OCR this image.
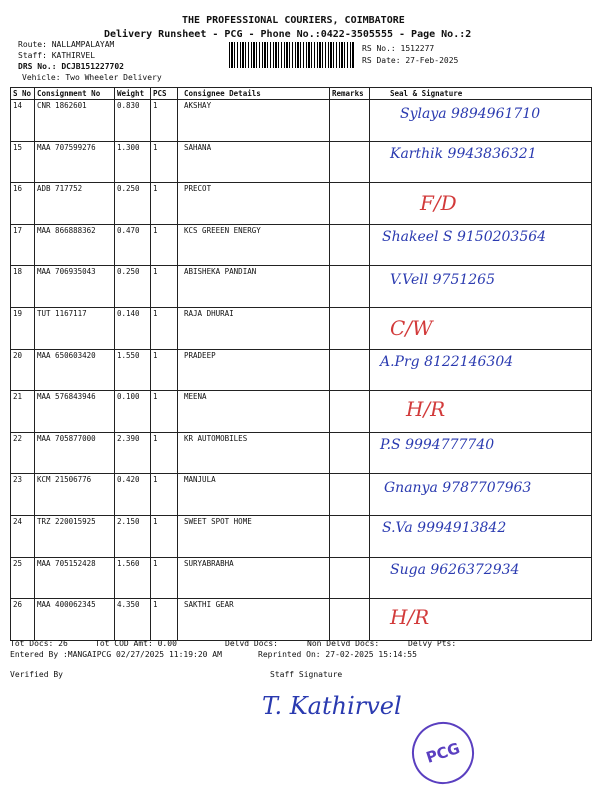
THE PROFESSIONAL COURIERS, COIMBATORE
Delivery Runsheet - PCG - Phone No.:0422-3505555 - Page No.:2
Route: NALLAMPALAYAM
Staff: KATHIRVEL
DRS No.: DCJB151227702
Vehicle: Two Wheeler Delivery
RS No.: 1512277
RS Date: 27-Feb-2025
S No	Consignment No	Weight	PCS	Consignee Details	Remarks	Seal & Signature
14	CNR 1862601	0.830	1	AKSHAY		Sylaya 9894961710

15	MAA 707599276	1.300	1	SAHANA		Karthik 9943836321

16	ADB 717752	0.250	1	PRECOT		F/D

17	MAA 866888362	0.470	1	KCS GREEEN ENERGY		Shakeel S 9150203564

18	MAA 706935043	0.250	1	ABISHEKA PANDIAN		V.Vell 9751265

19	TUT 1167117	0.140	1	RAJA DHURAI		C/W

20	MAA 650603420	1.550	1	PRADEEP		A.Prg 8122146304

21	MAA 576843946	0.100	1	MEENA		H/R

22	MAA 705877000	2.390	1	KR AUTOMOBILES		P.S 9994777740

23	KCM 21506776	0.420	1	MANJULA		Gnanya 9787707963

24	TRZ 220015925	2.150	1	SWEET SPOT HOME		S.Va 9994913842

25	MAA 705152428	1.560	1	SURYABRABHA		Suga 9626372934

26	MAA 400062345	4.350	1	SAKTHI GEAR		H/R
Tot Docs: 26	Tot COD Amt: 0.00	Delvd Docs:	Non Delvd Docs:	Delvy Pts:
Entered By :MANGAIPCG 02/27/2025 11:19:20 AM	Reprinted On: 27-02-2025 15:14:55
Verified By	Staff Signature
T. Kathirvel
PCG
